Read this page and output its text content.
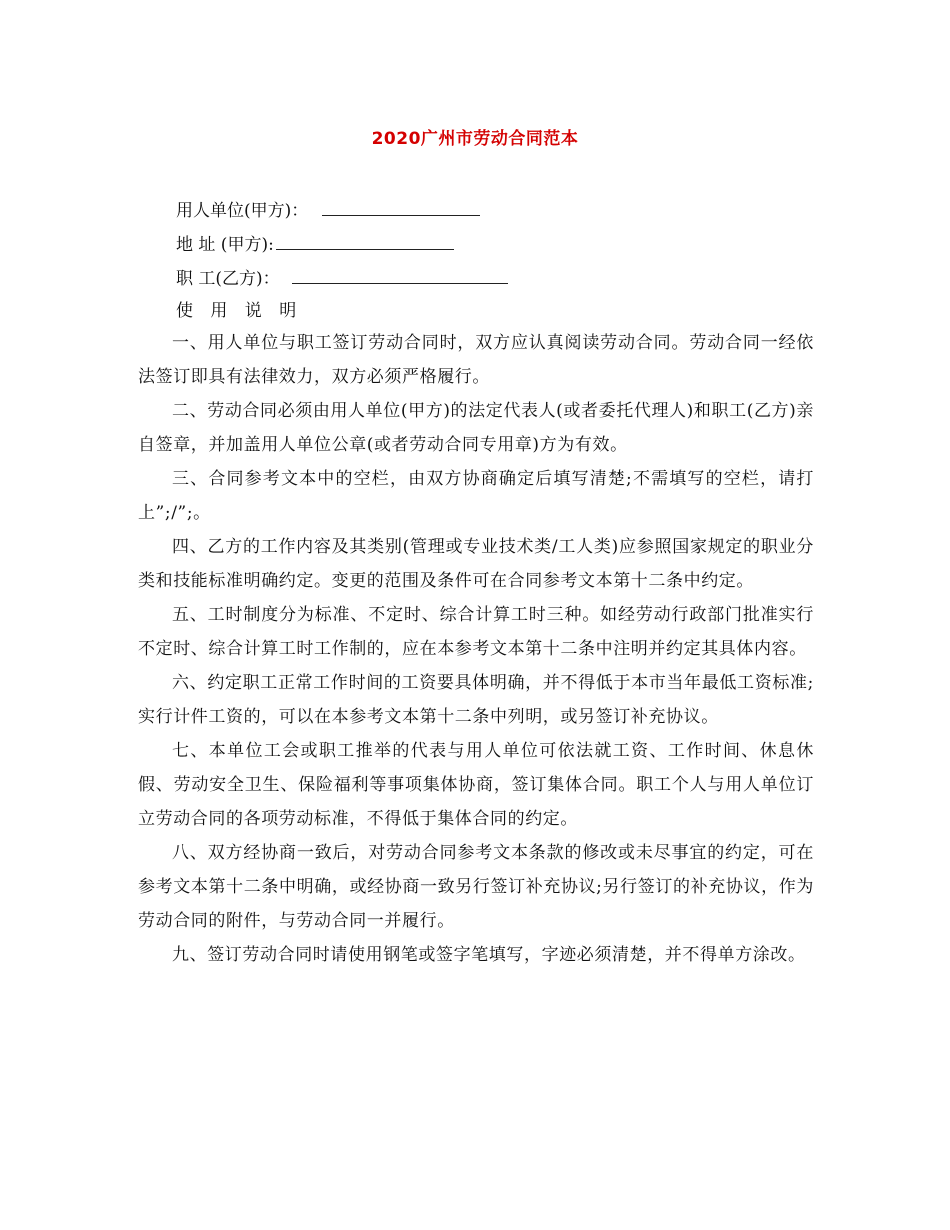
2020广州市劳动合同范本
用人单位(甲方)：
地 址 (甲方):
职 工(乙方)：
使 用 说 明

一、用人单位与职工签订劳动合同时，双方应认真阅读劳动合同。劳动合同一经依法签订即具有法律效力，双方必须严格履行。

二、劳动合同必须由用人单位(甲方)的法定代表人(或者委托代理人)和职工(乙方)亲自签章，并加盖用人单位公章(或者劳动合同专用章)方为有效。

三、合同参考文本中的空栏，由双方协商确定后填写清楚;不需填写的空栏，请打上”;/”;。

四、乙方的工作内容及其类别(管理或专业技术类/工人类)应参照国家规定的职业分类和技能标准明确约定。变更的范围及条件可在合同参考文本第十二条中约定。

五、工时制度分为标准、不定时、综合计算工时三种。如经劳动行政部门批准实行不定时、综合计算工时工作制的，应在本参考文本第十二条中注明并约定其具体内容。

六、约定职工正常工作时间的工资要具体明确，并不得低于本市当年最低工资标准;实行计件工资的，可以在本参考文本第十二条中列明，或另签订补充协议。

七、本单位工会或职工推举的代表与用人单位可依法就工资、工作时间、休息休假、劳动安全卫生、保险福利等事项集体协商，签订集体合同。职工个人与用人单位订立劳动合同的各项劳动标准，不得低于集体合同的约定。

八、双方经协商一致后，对劳动合同参考文本条款的修改或未尽事宜的约定，可在参考文本第十二条中明确，或经协商一致另行签订补充协议;另行签订的补充协议，作为劳动合同的附件，与劳动合同一并履行。

九、签订劳动合同时请使用钢笔或签字笔填写，字迹必须清楚，并不得单方涂改。
